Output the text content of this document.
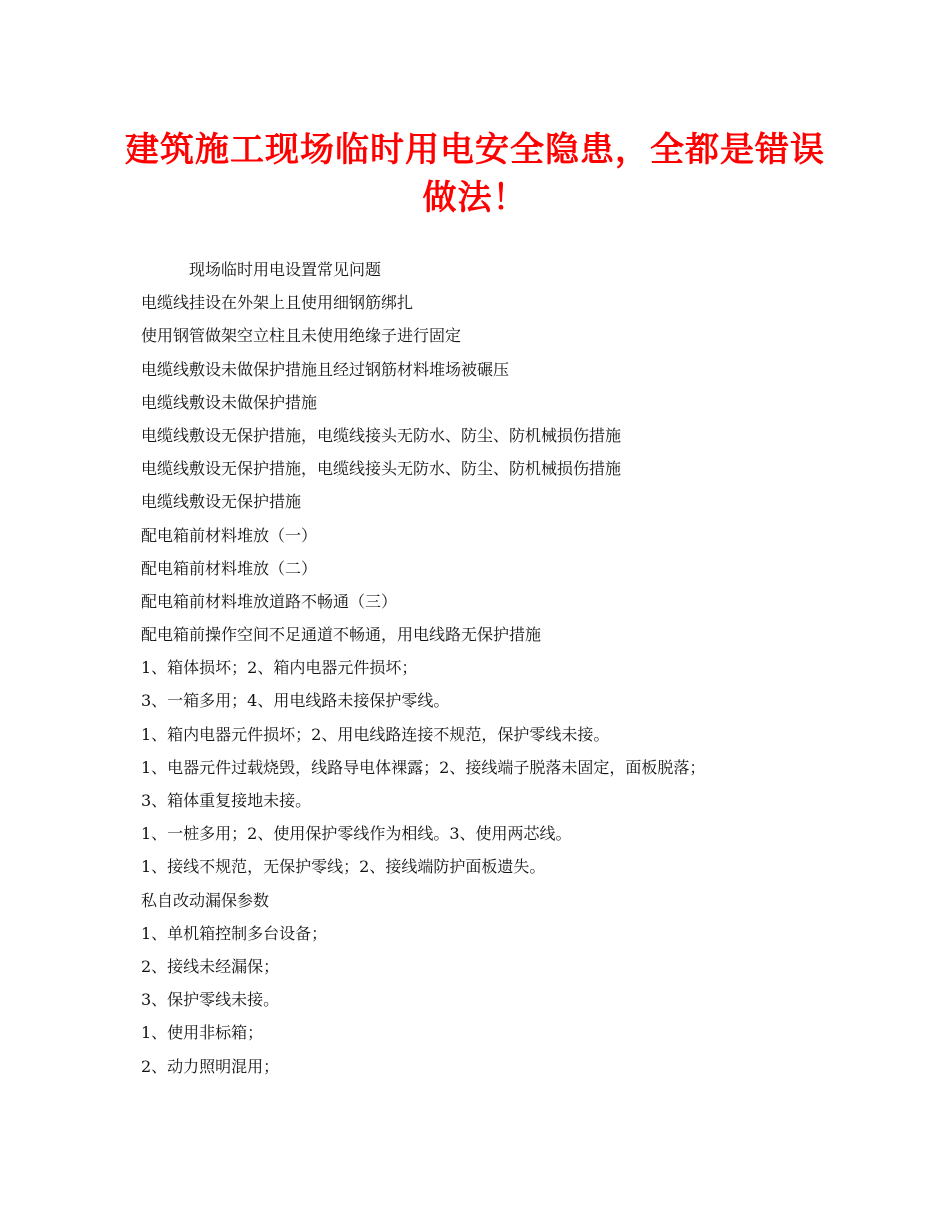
建筑施工现场临时用电安全隐患，全都是错误做法！
现场临时用电设置常见问题
电缆线挂设在外架上且使用细钢筋绑扎
使用钢管做架空立柱且未使用绝缘子进行固定
电缆线敷设未做保护措施且经过钢筋材料堆场被碾压
电缆线敷设未做保护措施
电缆线敷设无保护措施，电缆线接头无防水、防尘、防机械损伤措施
电缆线敷设无保护措施，电缆线接头无防水、防尘、防机械损伤措施
电缆线敷设无保护措施
配电箱前材料堆放（一）
配电箱前材料堆放（二）
配电箱前材料堆放道路不畅通（三）
配电箱前操作空间不足通道不畅通，用电线路无保护措施
1、箱体损坏；2、箱内电器元件损坏；
3、一箱多用；4、用电线路未接保护零线。
1、箱内电器元件损坏；2、用电线路连接不规范，保护零线未接。
1、电器元件过载烧毁，线路导电体裸露；2、接线端子脱落未固定，面板脱落；
3、箱体重复接地未接。
1、一桩多用；2、使用保护零线作为相线。3、使用两芯线。
1、接线不规范，无保护零线；2、接线端防护面板遗失。
私自改动漏保参数
1、单机箱控制多台设备；
2、接线未经漏保；
3、保护零线未接。
1、使用非标箱；
2、动力照明混用；
